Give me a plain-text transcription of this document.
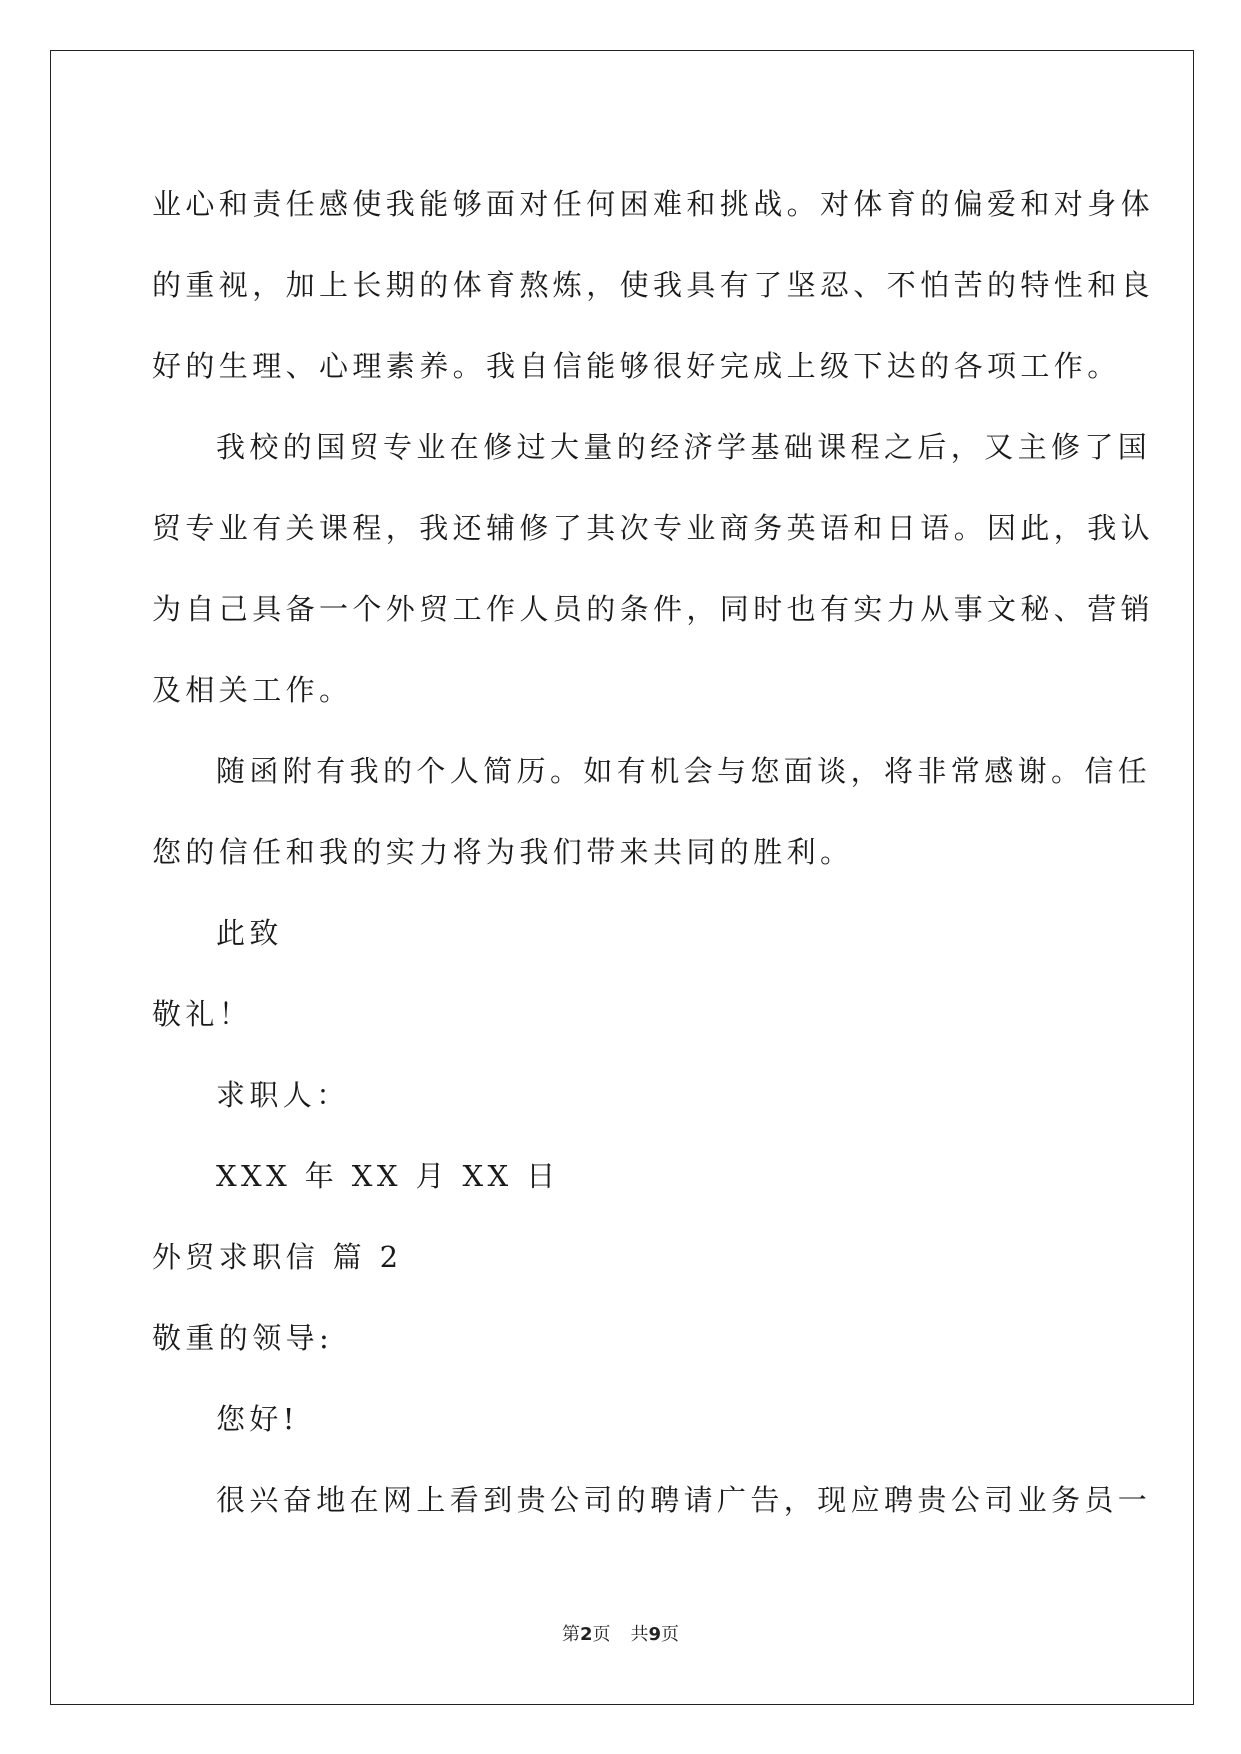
业心和责任感使我能够面对任何困难和挑战。对体育的偏爱和对身体

的重视，加上长期的体育熬炼，使我具有了坚忍、不怕苦的特性和良

好的生理、心理素养。我自信能够很好完成上级下达的各项工作。

我校的国贸专业在修过大量的经济学基础课程之后，又主修了国

贸专业有关课程，我还辅修了其次专业商务英语和日语。因此，我认

为自己具备一个外贸工作人员的条件，同时也有实力从事文秘、营销

及相关工作。

随函附有我的个人简历。如有机会与您面谈，将非常感谢。信任

您的信任和我的实力将为我们带来共同的胜利。

此致

敬礼！

求职人：

XXX 年 XX 月 XX 日

外贸求职信 篇 2

敬重的领导:

您好!

很兴奋地在网上看到贵公司的聘请广告，现应聘贵公司业务员一

第2页 共9页
